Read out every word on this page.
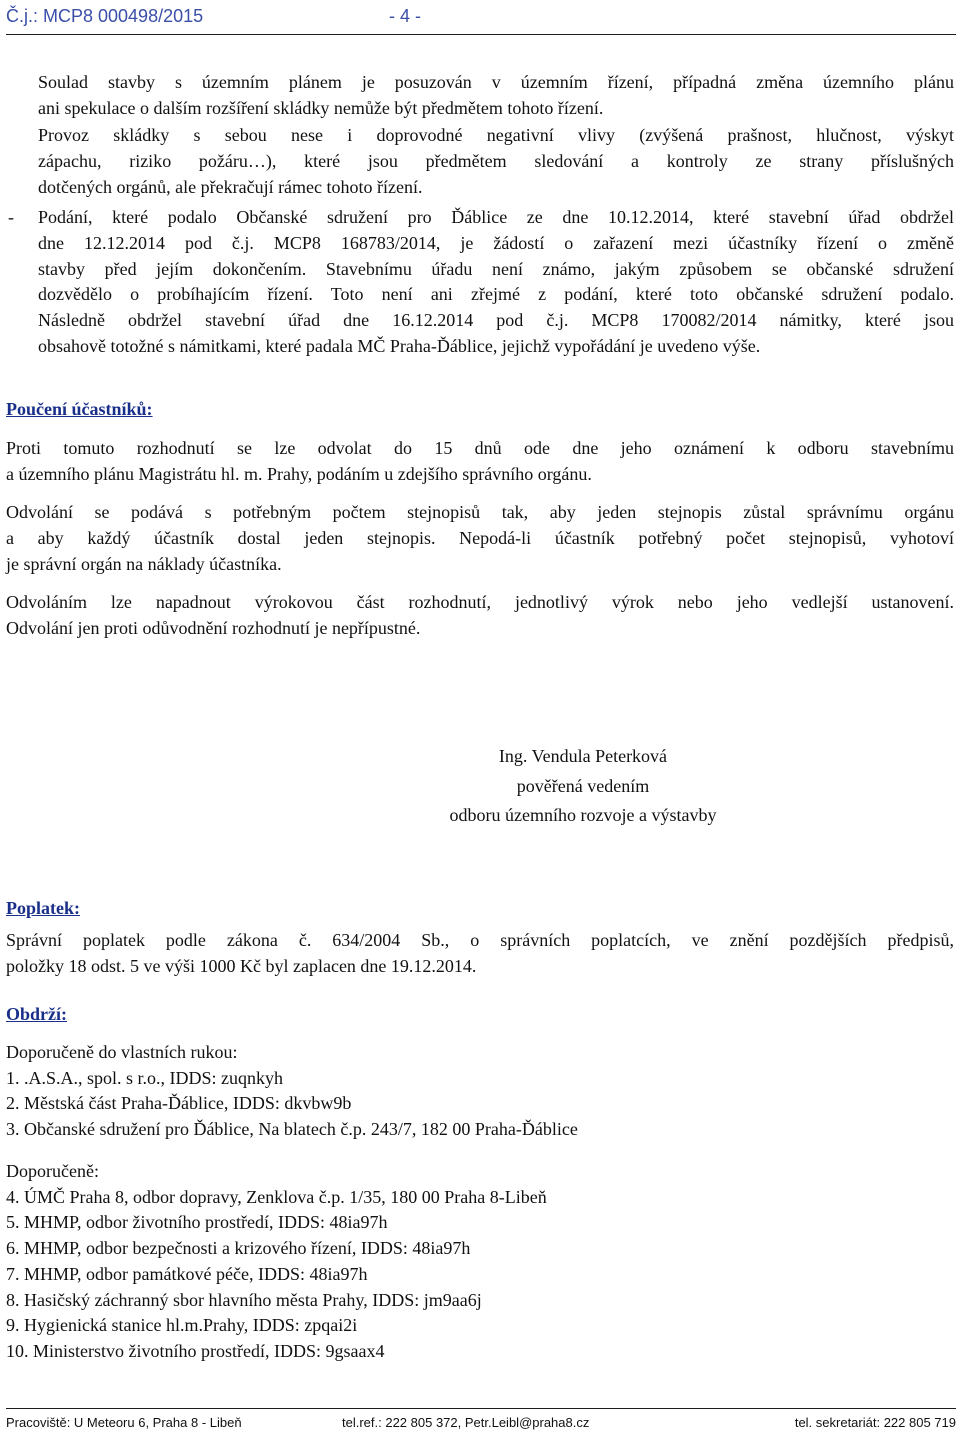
Č.j.: MCP8 000498/2015	- 4 -
Soulad stavby s územním plánem je posuzován v územním řízení, případná změna územního plánu
ani spekulace o dalším rozšíření skládky nemůže být předmětem tohoto řízení.
Provoz skládky s sebou nese i doprovodné negativní vlivy (zvýšená prašnost, hlučnost, výskyt
zápachu, riziko požáru…), které jsou předmětem sledování a kontroly ze strany příslušných
dotčených orgánů, ale překračují rámec tohoto řízení.
- Podání, které podalo Občanské sdružení pro Ďáblice ze dne 10.12.2014, které stavební úřad obdržel
dne 12.12.2014 pod č.j. MCP8 168783/2014, je žádostí o zařazení mezi účastníky řízení o změně
stavby před jejím dokončením. Stavebnímu úřadu není známo, jakým způsobem se občanské sdružení
dozvědělo o probíhajícím řízení. Toto není ani zřejmé z podání, které toto občanské sdružení podalo.
Následně obdržel stavební úřad dne 16.12.2014 pod č.j. MCP8 170082/2014 námitky, které jsou
obsahově totožné s námitkami, které padala MČ Praha-Ďáblice, jejichž vypořádání je uvedeno výše.
Poučení účastníků:
Proti tomuto rozhodnutí se lze odvolat do 15 dnů ode dne jeho oznámení k odboru stavebnímu
a územního plánu Magistrátu hl. m. Prahy, podáním u zdejšího správního orgánu.
Odvolání se podává s potřebným počtem stejnopisů tak, aby jeden stejnopis zůstal správnímu orgánu
a aby každý účastník dostal jeden stejnopis. Nepodá-li účastník potřebný počet stejnopisů, vyhotoví
je správní orgán na náklady účastníka.
Odvoláním lze napadnout výrokovou část rozhodnutí, jednotlivý výrok nebo jeho vedlejší ustanovení.
Odvolání jen proti odůvodnění rozhodnutí je nepřípustné.
Ing. Vendula Peterková
pověřená vedením
odboru územního rozvoje a výstavby
Poplatek:
Správní poplatek podle zákona č. 634/2004 Sb., o správních poplatcích, ve znění pozdějších předpisů,
položky 18 odst. 5 ve výši 1000 Kč byl zaplacen dne 19.12.2014.
Obdrží:
Doporučeně do vlastních rukou:
1. .A.S.A., spol. s r.o., IDDS: zuqnkyh
2. Městská část Praha-Ďáblice, IDDS: dkvbw9b
3. Občanské sdružení pro Ďáblice, Na blatech č.p. 243/7, 182 00 Praha-Ďáblice
Doporučeně:
4. ÚMČ Praha 8, odbor dopravy, Zenklova č.p. 1/35, 180 00 Praha 8-Libeň
5. MHMP, odbor životního prostředí, IDDS: 48ia97h
6. MHMP, odbor bezpečnosti a krizového řízení, IDDS: 48ia97h
7. MHMP, odbor památkové péče, IDDS: 48ia97h
8. Hasičský záchranný sbor hlavního města Prahy, IDDS: jm9aa6j
9. Hygienická stanice hl.m.Prahy, IDDS: zpqai2i
10. Ministerstvo životního prostředí, IDDS: 9gsaax4
Pracoviště: U Meteoru 6, Praha 8 - Libeň	tel.ref.: 222 805 372, Petr.Leibl@praha8.cz	tel. sekretariát: 222 805 719
